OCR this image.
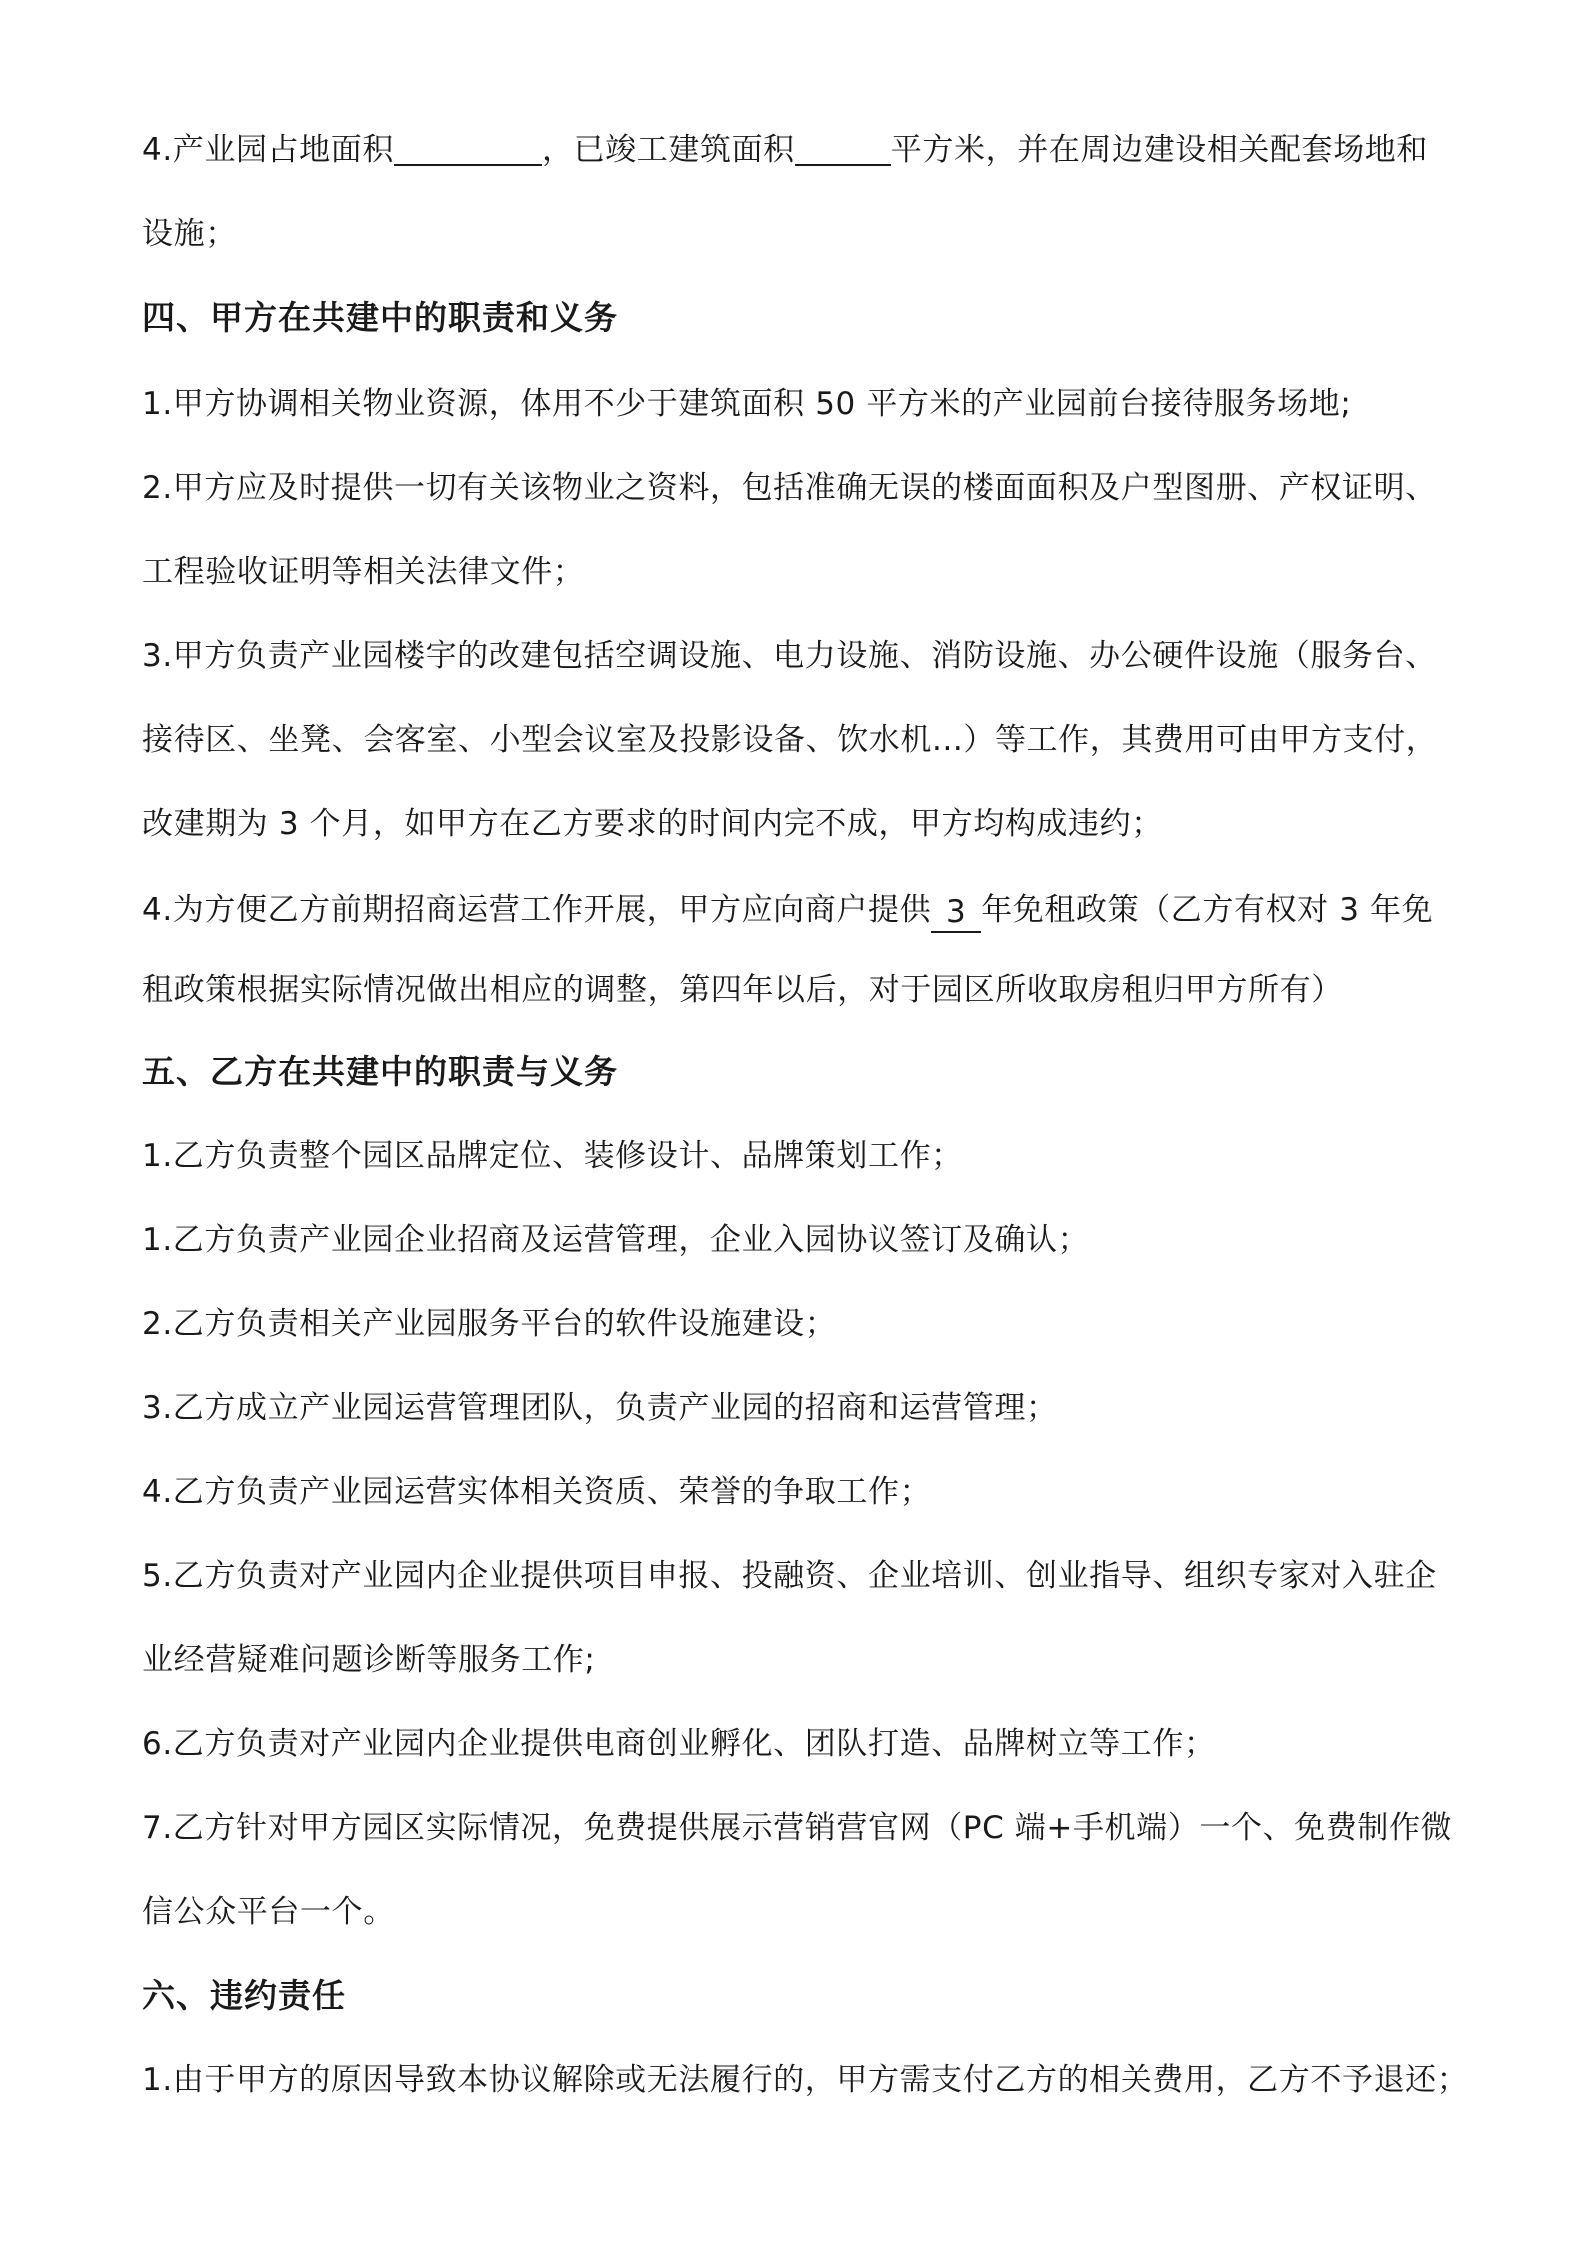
4.产业园占地面积	，已竣工建筑面积	平方米，并在周边建设相关配套场地和
设施；
四、甲方在共建中的职责和义务
1.甲方协调相关物业资源，体用不少于建筑面积 50 平方米的产业园前台接待服务场地;
2.甲方应及时提供一切有关该物业之资料，包括准确无误的楼面面积及户型图册、产权证明、
工程验收证明等相关法律文件；
3.甲方负责产业园楼宇的改建包括空调设施、电力设施、消防设施、办公硬件设施（服务台、
接待区、坐凳、会客室、小型会议室及投影设备、饮水机...）等工作，其费用可由甲方支付，
改建期为 3 个月，如甲方在乙方要求的时间内完不成，甲方均构成违约；
4.为方便乙方前期招商运营工作开展，甲方应向商户提供 3 年免租政策（乙方有权对 3 年免
租政策根据实际情况做出相应的调整，第四年以后，对于园区所收取房租归甲方所有）
五、乙方在共建中的职责与义务
1.乙方负责整个园区品牌定位、装修设计、品牌策划工作；
1.乙方负责产业园企业招商及运营管理，企业入园协议签订及确认；
2.乙方负责相关产业园服务平台的软件设施建设；
3.乙方成立产业园运营管理团队，负责产业园的招商和运营管理；
4.乙方负责产业园运营实体相关资质、荣誉的争取工作；
5.乙方负责对产业园内企业提供项目申报、投融资、企业培训、创业指导、组织专家对入驻企
业经营疑难问题诊断等服务工作;
6.乙方负责对产业园内企业提供电商创业孵化、团队打造、品牌树立等工作；
7.乙方针对甲方园区实际情况，免费提供展示营销营官网（PC 端+手机端）一个、免费制作微
信公众平台一个。
六、违约责任
1.由于甲方的原因导致本协议解除或无法履行的，甲方需支付乙方的相关费用，乙方不予退还；
